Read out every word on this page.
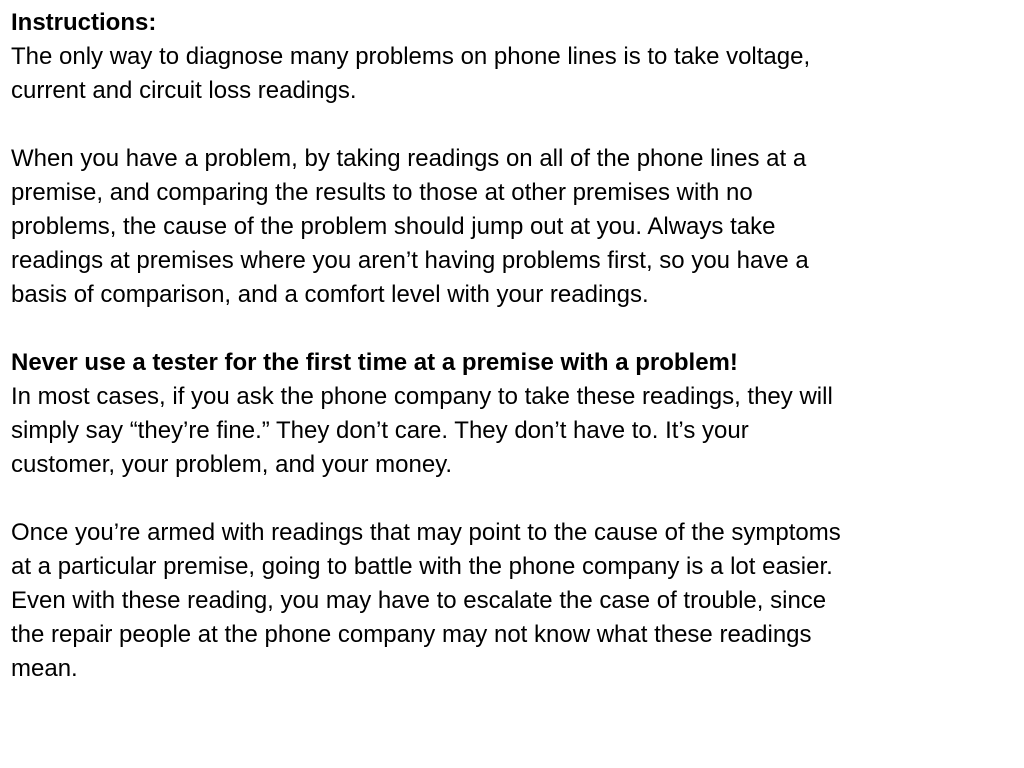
Instructions:
The only way to diagnose many problems on phone lines is to take voltage,
current and circuit loss readings.
When you have a problem, by taking readings on all of the phone lines at a
premise, and comparing the results to those at other premises with no
problems, the cause of the problem should jump out at you. Always take
readings at premises where you aren’t having problems first, so you have a
basis of comparison, and a comfort level with your readings.
Never use a tester for the first time at a premise with a problem!
In most cases, if you ask the phone company to take these readings, they will
simply say “they’re fine.” They don’t care. They don’t have to. It’s your
customer, your problem, and your money.
Once you’re armed with readings that may point to the cause of the symptoms
at a particular premise, going to battle with the phone company is a lot easier.
Even with these reading, you may have to escalate the case of trouble, since
the repair people at the phone company may not know what these readings
mean.
